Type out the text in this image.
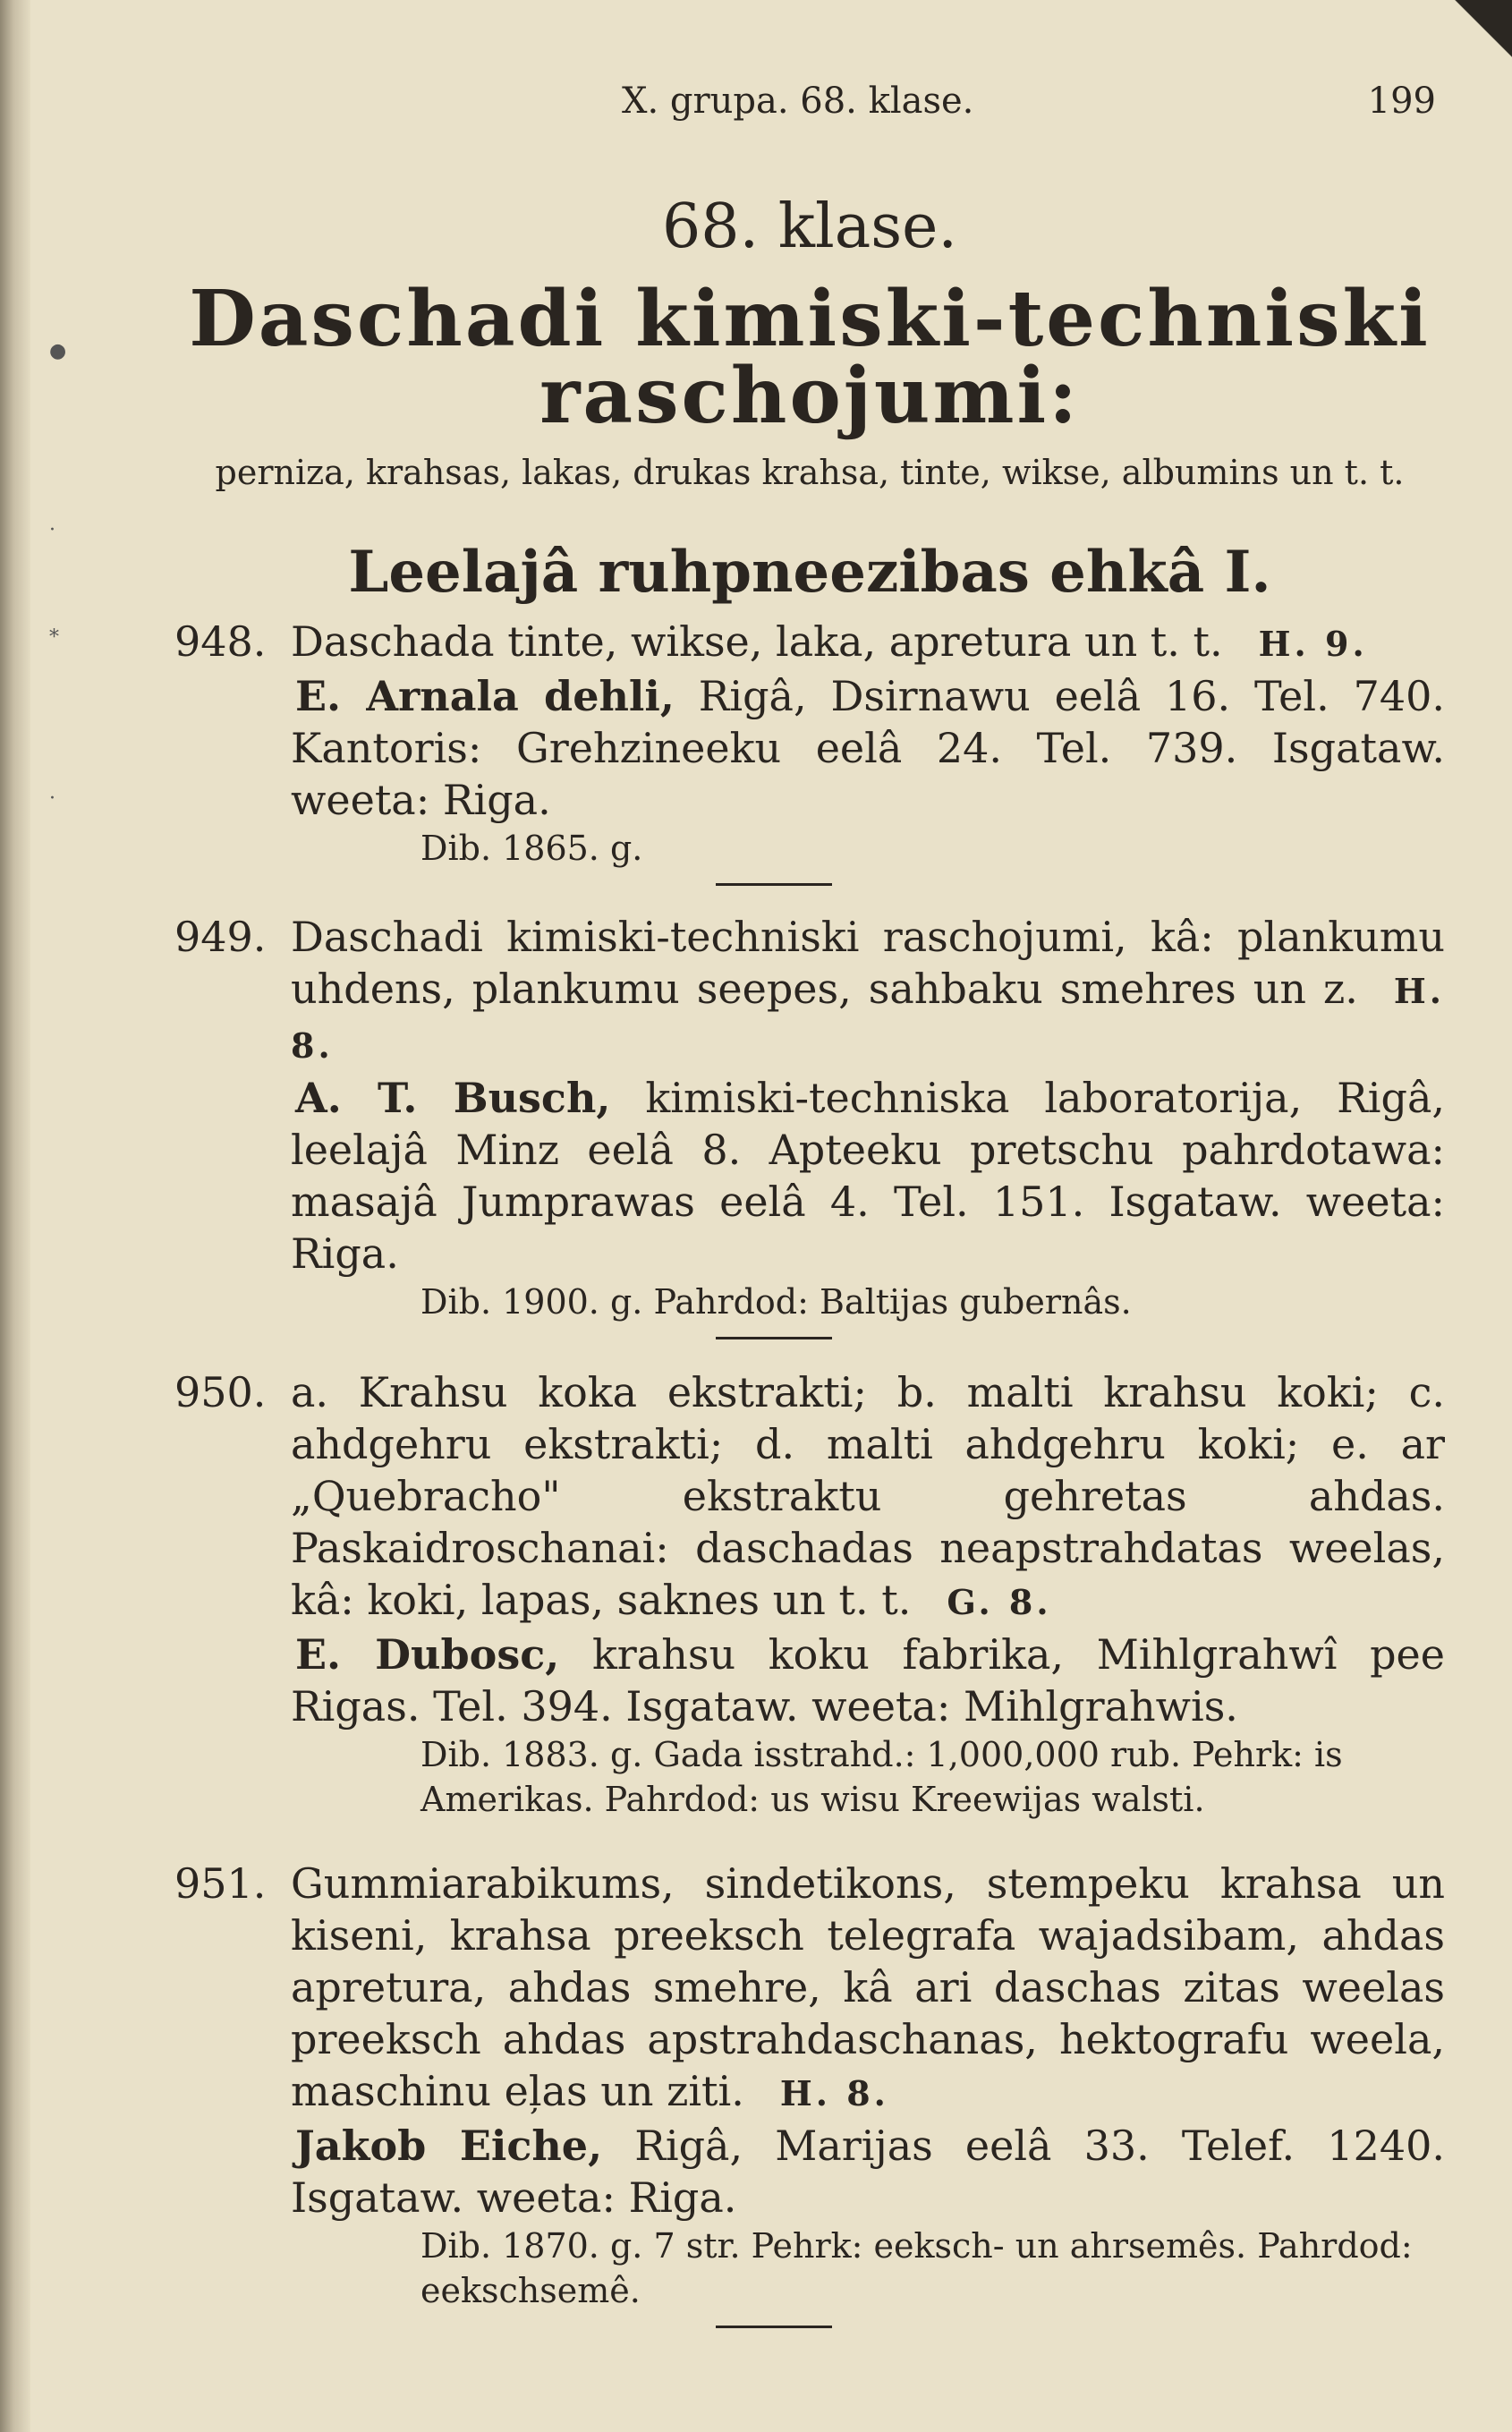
●
·
*
·
X. grupa. 68. klase.	199
68. klase.
Daschadi kimiski-techniski raschojumi:
perniza, krahsas, lakas, drukas krahsa, tinte, wikse, albumins un t. t.
Leelajâ ruhpneezibas ehkâ I.
948. Daschada tinte, wikse, laka, apretura un t. t. H. 9.
E. Arnala dehli, Rigâ, Dsirnawu eelâ 16. Tel. 740. Kantoris: Grehzineeku eelâ 24. Tel. 739. Isgataw. weeta: Riga.
Dib. 1865. g.
949. Daschadi kimiski-techniski raschojumi, kâ: plankumu uhdens, plankumu seepes, sahbaku smehres un z. H. 8.
A. T. Busch, kimiski-techniska laboratorija, Rigâ, leelajâ Minz eelâ 8. Apteeku pretschu pahrdotawa: masajâ Jumprawas eelâ 4. Tel. 151. Isgataw. weeta: Riga.
Dib. 1900. g. Pahrdod: Baltijas gubernâs.
950. a. Krahsu koka ekstrakti; b. malti krahsu koki; c. ahdgehru ekstrakti; d. malti ahdgehru koki; e. ar „Quebracho" ekstraktu gehretas ahdas. Paskaidroschanai: daschadas neapstrahdatas weelas, kâ: koki, lapas, saknes un t. t. G. 8.
E. Dubosc, krahsu koku fabrika, Mihlgrahwî pee Rigas. Tel. 394. Isgataw. weeta: Mihlgrahwis.
Dib. 1883. g. Gada isstrahd.: 1,000,000 rub. Pehrk: is Amerikas. Pahrdod: us wisu Kreewijas walsti.
951. Gummiarabikums, sindetikons, stempeku krahsa un kiseni, krahsa preeksch telegrafa wajadsibam, ahdas apretura, ahdas smehre, kâ ari daschas zitas weelas preeksch ahdas apstrahdaschanas, hektografu weela, maschinu eļas un ziti. H. 8.
Jakob Eiche, Rigâ, Marijas eelâ 33. Telef. 1240. Isgataw. weeta: Riga.
Dib. 1870. g. 7 str. Pehrk: eeksch- un ahrsemês. Pahrdod: eekschsemê.
